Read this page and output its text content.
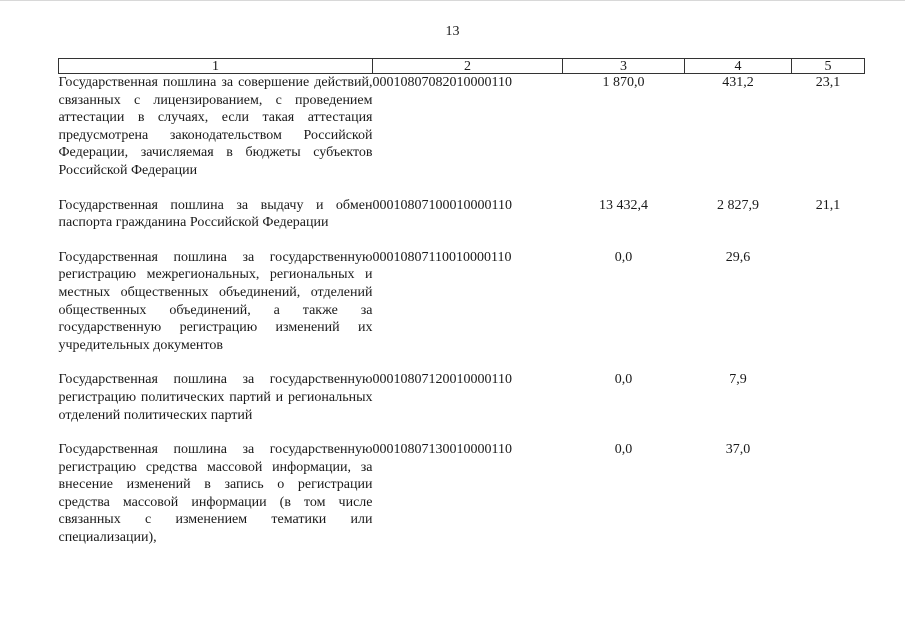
13
1	2	3	4	5
Государственная пошлина за совершение действий, связанных с лицензированием, с проведением аттестации в случаях, если такая аттестация предусмотрена законодательством Российской Федерации, зачисляемая в бюджеты субъектов Российской Федерации	00010807082010000110	1 870,0	431,2	23,1

Государственная пошлина за выдачу и обмен паспорта гражданина Российской Федерации	00010807100010000110	13 432,4	2 827,9	21,1

Государственная пошлина за государственную регистрацию межрегиональных, региональных и местных общественных объединений, отделений общественных объединений, а также за государственную регистрацию изменений их учредительных документов	00010807110010000110	0,0	29,6	

Государственная пошлина за государственную регистрацию политических партий и региональных отделений политических партий	00010807120010000110	0,0	7,9	

Государственная пошлина за государственную регистрацию средства массовой информации, за внесение изменений в запись о регистрации средства массовой информации (в том числе связанных с изменением тематики или специализации),	00010807130010000110	0,0	37,0	
